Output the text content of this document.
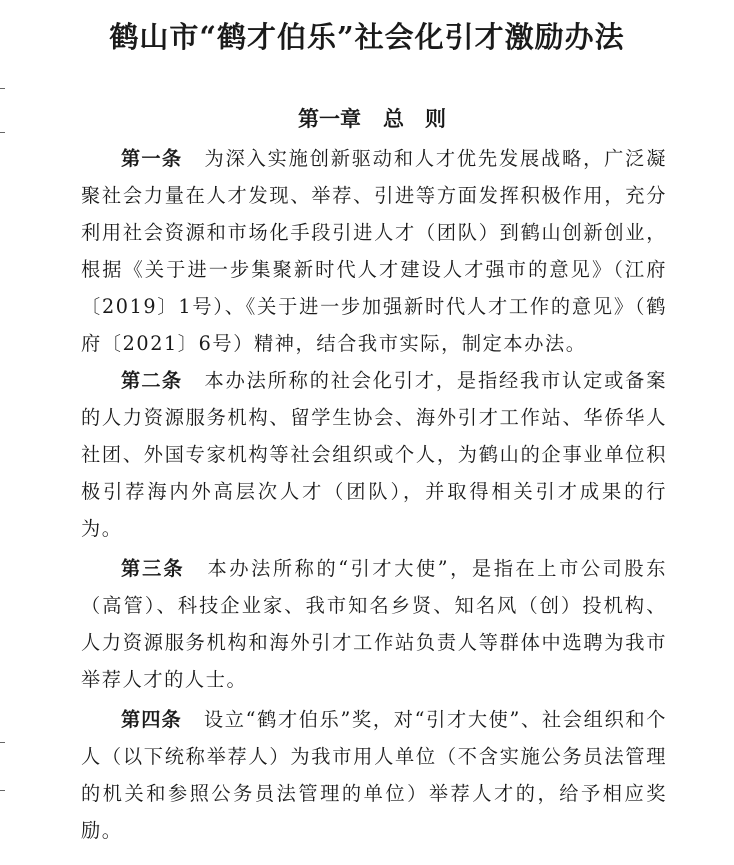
鹤山市“鹤才伯乐”社会化引才激励办法
第一章 总　则

第一条 为深入实施创新驱动和人才优先发展战略，广泛凝聚社会力量在人才发现、举荐、引进等方面发挥积极作用，充分利用社会资源和市场化手段引进人才（团队）到鹤山创新创业，根据《关于进一步集聚新时代人才建设人才强市的意见》（江府〔2019〕1号）、《关于进一步加强新时代人才工作的意见》（鹤府〔2021〕6号）精神，结合我市实际，制定本办法。

第二条 本办法所称的社会化引才，是指经我市认定或备案的人力资源服务机构、留学生协会、海外引才工作站、华侨华人社团、外国专家机构等社会组织或个人，为鹤山的企事业单位积极引荐海内外高层次人才（团队），并取得相关引才成果的行为。

第三条 本办法所称的“引才大使”，是指在上市公司股东（高管）、科技企业家、我市知名乡贤、知名风（创）投机构、人力资源服务机构和海外引才工作站负责人等群体中选聘为我市举荐人才的人士。

第四条 设立“鹤才伯乐”奖，对“引才大使”、社会组织和个人（以下统称举荐人）为我市用人单位（不含实施公务员法管理的机关和参照公务员法管理的单位）举荐人才的，给予相应奖励。
